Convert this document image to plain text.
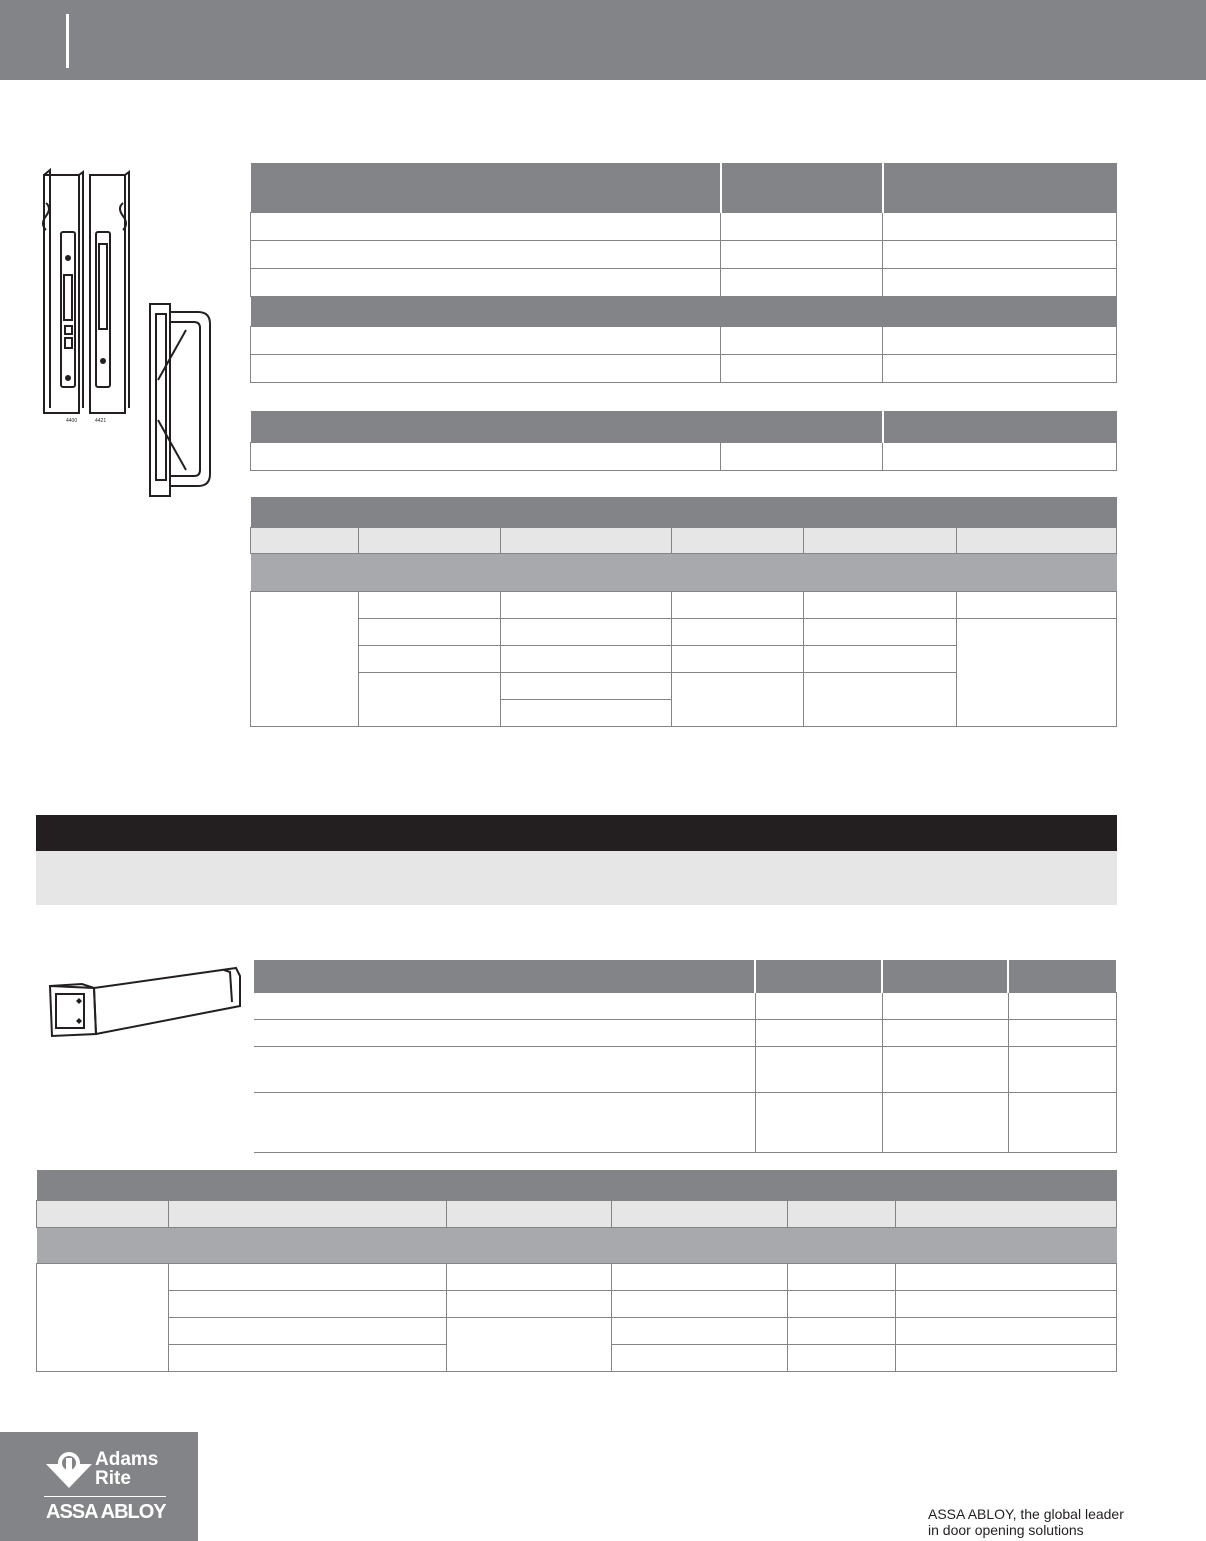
4400	4421

Adams
Rite
ASSA ABLOY	ASSA ABLOY, the global leader
in door opening solutions
